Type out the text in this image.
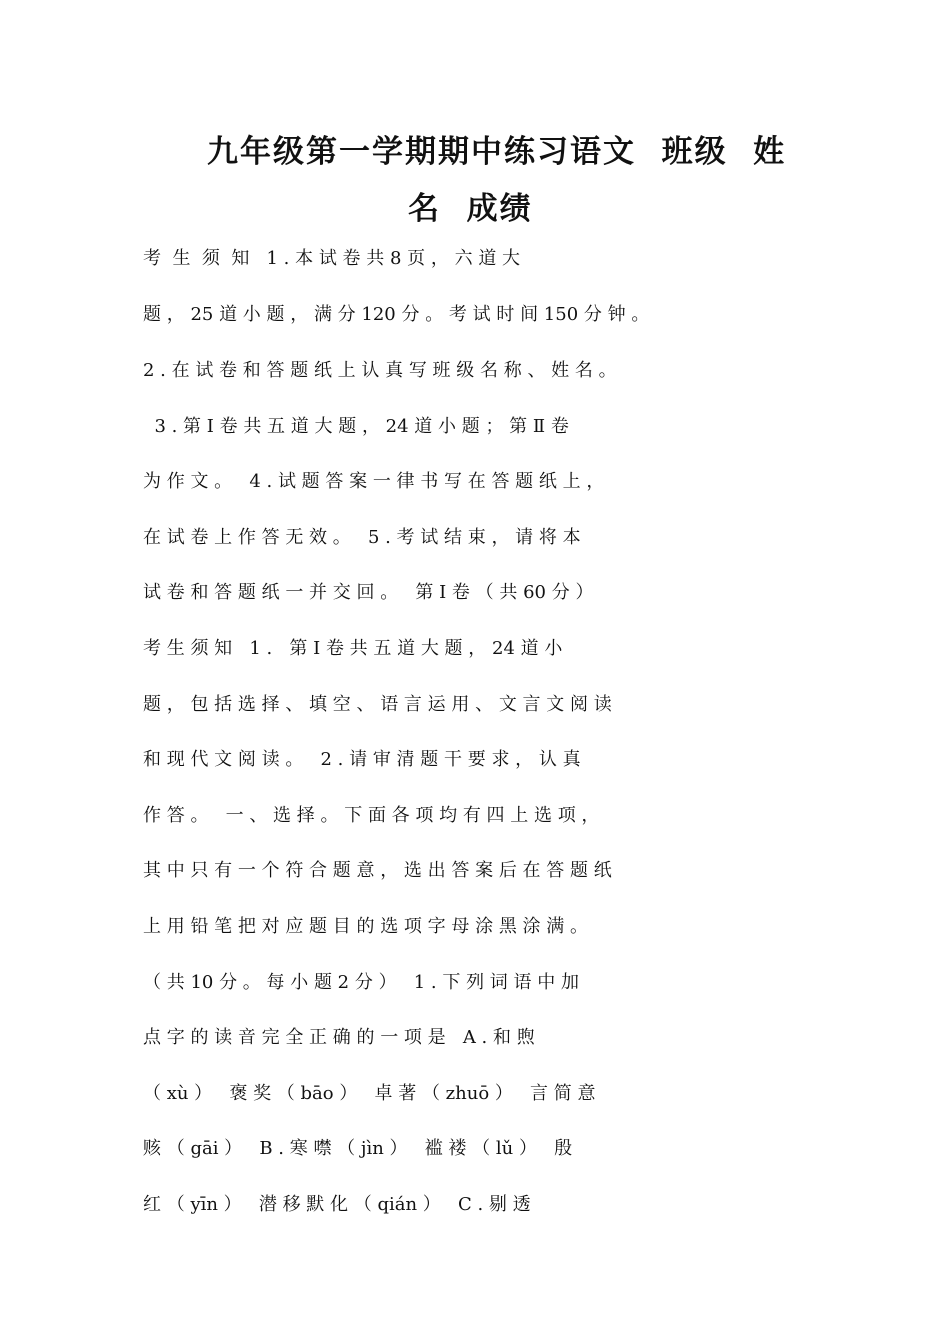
九年级第一学期期中练习语文  班级  姓
名  成绩
考  生  须  知   1 . 本 试 卷 共 8 页 ， 六 道 大
题 ， 25 道 小 题 ， 满 分 120 分 。 考 试 时 间 150 分 钟 。
2 . 在 试 卷 和 答 题 纸 上 认 真 写 班 级 名 称 、 姓 名 。
3 . 第 Ⅰ 卷 共 五 道 大 题 ， 24 道 小 题 ； 第 Ⅱ 卷
为 作 文 。   4 . 试 题 答 案 一 律 书 写 在 答 题 纸 上 ，
在 试 卷 上 作 答 无 效 。   5 . 考 试 结 束 ， 请 将 本
试 卷 和 答 题 纸 一 并 交 回 。   第 Ⅰ 卷 （ 共 60 分 ）
考 生 须 知   1 .   第 Ⅰ 卷 共 五 道 大 题 ， 24 道 小
题 ， 包 括 选 择 、 填 空 、 语 言 运 用 、 文 言 文 阅 读
和 现 代 文 阅 读 。   2 . 请 审 清 题 干 要 求 ， 认 真
作 答 。   一 、 选 择 。 下 面 各 项 均 有 四 上 选 项 ，
其 中 只 有 一 个 符 合 题 意 ， 选 出 答 案 后 在 答 题 纸
上 用 铅 笔 把 对 应 题 目 的 选 项 字 母 涂 黑 涂 满 。
（ 共 10 分 。 每 小 题 2 分 ）   1 . 下 列 词 语 中 加
点 字 的 读 音 完 全 正 确 的 一 项 是   A . 和 煦
（ xù ）   褒 奖 （ bāo ）   卓 著 （ zhuō ）   言 简 意
赅 （ gāi ）   B . 寒 噤 （ jìn ）   褴 褛 （ lǔ ）   殷
红 （ yīn ）   潜 移 默 化 （ qián ）   C . 剔 透
